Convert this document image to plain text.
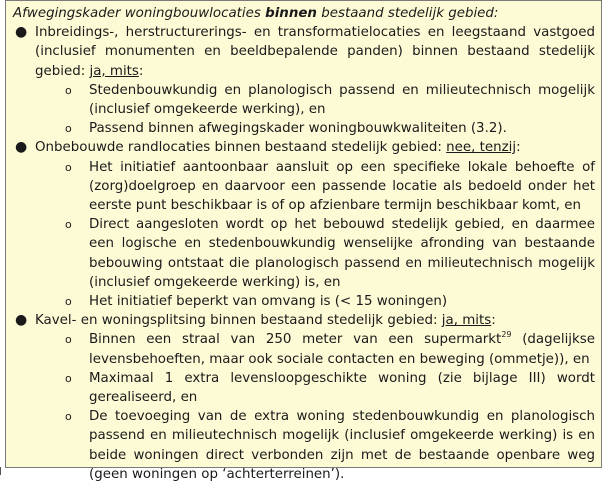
Afwegingskader woningbouwlocaties binnen bestaand stedelijk gebied:
● Inbreidings-, herstructurerings- en transformatielocaties en leegstaand vastgoed (inclusief monumenten en beeldbepalende panden) binnen bestaand stedelijk gebied: ja, mits:
o Stedenbouwkundig en planologisch passend en milieutechnisch mogelijk (inclusief omgekeerde werking), en
o Passend binnen afwegingskader woningbouwkwaliteiten (3.2).
● Onbebouwde randlocaties binnen bestaand stedelijk gebied: nee, tenzij:
o Het initiatief aantoonbaar aansluit op een specifieke lokale behoefte of (zorg)doelgroep en daarvoor een passende locatie als bedoeld onder het eerste punt beschikbaar is of op afzienbare termijn beschikbaar komt, en
o Direct aangesloten wordt op het bebouwd stedelijk gebied, en daarmee een logische en stedenbouwkundig wenselijke afronding van bestaande bebouwing ontstaat die planologisch passend en milieutechnisch mogelijk (inclusief omgekeerde werking) is, en
o Het initiatief beperkt van omvang is (< 15 woningen)
● Kavel- en woningsplitsing binnen bestaand stedelijk gebied: ja, mits:
o Binnen een straal van 250 meter van een supermarkt$^{29}$ (dagelijkse levensbehoeften, maar ook sociale contacten en beweging (ommetje)), en
o Maximaal 1 extra levensloopgeschikte woning (zie bijlage III) wordt gerealiseerd, en
o De toevoeging van de extra woning stedenbouwkundig en planologisch passend en milieutechnisch mogelijk (inclusief omgekeerde werking) is en beide woningen direct verbonden zijn met de bestaande openbare weg (geen woningen op ‘achterterreinen’).
